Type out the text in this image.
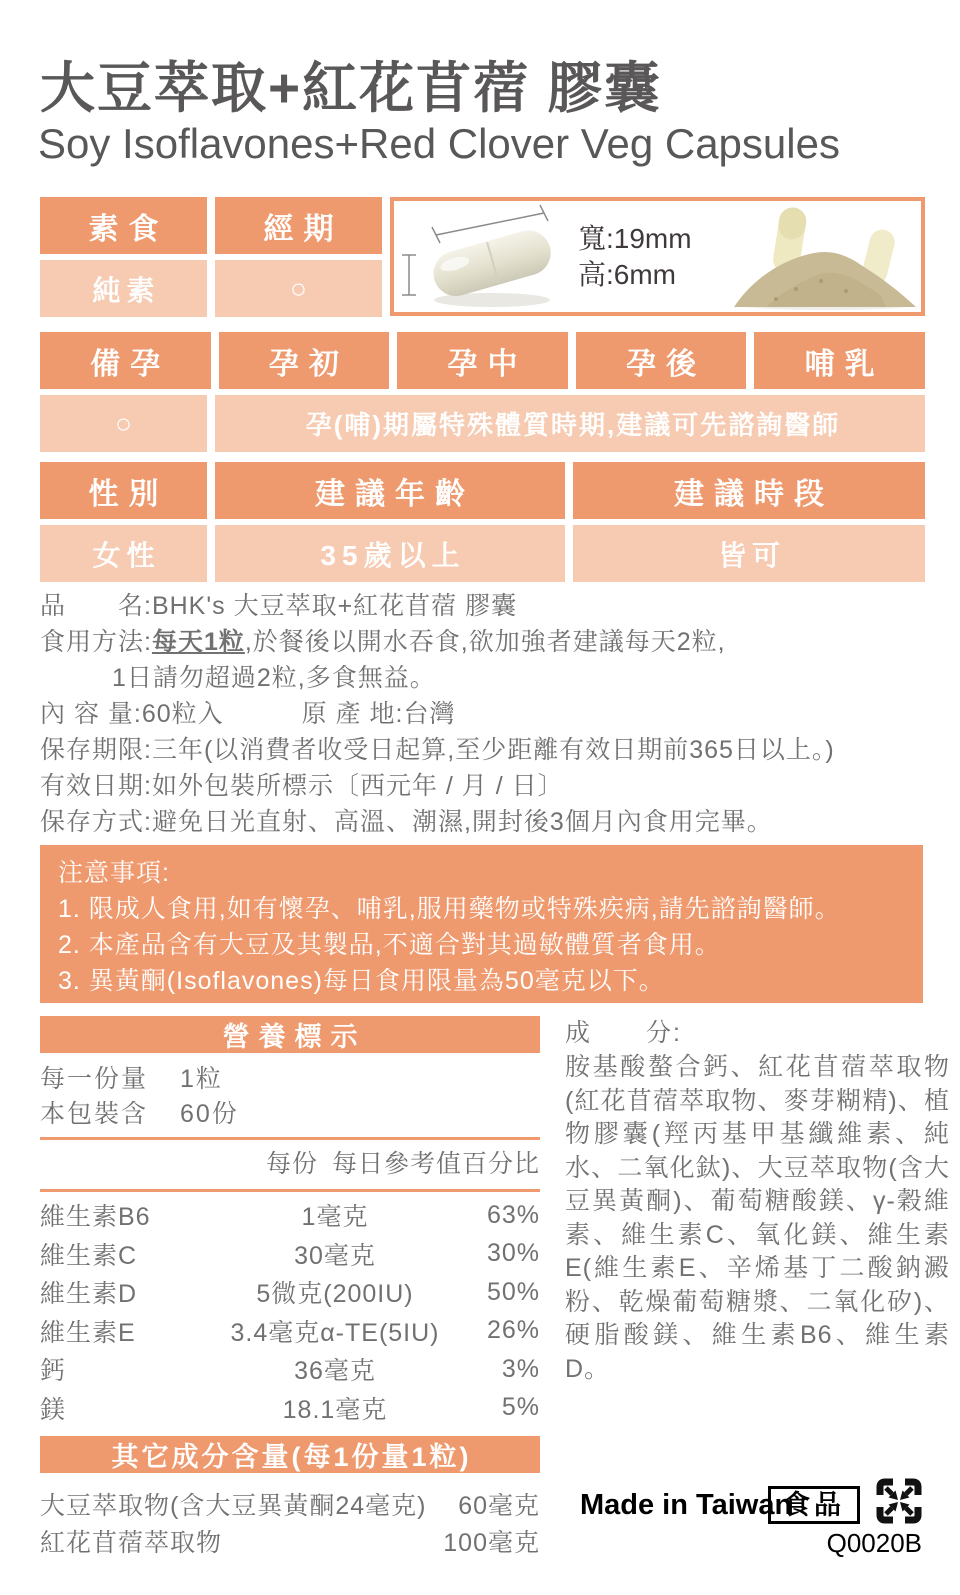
大豆萃取+紅花苜蓿 膠囊
Soy Isoflavones+Red Clover Veg Capsules
素食	經期
純素	○
寬:19mm
高:6mm
備孕	孕初	孕中	孕後	哺乳
○	孕(哺)期屬特殊體質時期,建議可先諮詢醫師
性別	建議年齡	建議時段
女性	35歲以上	皆可
品　　名:BHK's 大豆萃取+紅花苜蓿 膠囊
食用方法:每天1粒,於餐後以開水吞食,欲加強者建議每天2粒,
1日請勿超過2粒,多食無益。
內 容 量:60粒入　　　原 產 地:台灣
保存期限:三年(以消費者收受日起算,至少距離有效日期前365日以上。)
有效日期:如外包裝所標示〔西元年 / 月 / 日〕
保存方式:避免日光直射、高溫、潮濕,開封後3個月內食用完畢。
注意事項:
1. 限成人食用,如有懷孕、哺乳,服用藥物或特殊疾病,請先諮詢醫師。
2. 本產品含有大豆及其製品,不適合對其過敏體質者食用。
3. 異黃酮(Isoflavones)每日食用限量為50毫克以下。
營養標示
每一份量 1粒
本包裝含 60份
每份 每日參考值百分比
維生素B6	1毫克	63%
維生素C	30毫克	30%
維生素D	5微克(200IU)	50%
維生素E	3.4毫克α-TE(5IU)	26%
鈣	36毫克	3%
鎂	18.1毫克	5%
其它成分含量(每1份量1粒)
大豆萃取物(含大豆異黃酮24毫克)	60毫克
紅花苜蓿萃取物	100毫克
成　　分:
胺基酸螯合鈣、紅花苜蓿萃取物(紅花苜蓿萃取物、麥芽糊精)、植物膠囊(羥丙基甲基纖維素、純水、二氧化鈦)、大豆萃取物(含大豆異黃酮)、葡萄糖酸鎂、γ-穀維素、維生素C、氧化鎂、維生素E(維生素E、辛烯基丁二酸鈉澱粉、乾燥葡萄糖漿、二氧化矽)、硬脂酸鎂、維生素B6、維生素D。
Made in Taiwan
食品
Q0020B
